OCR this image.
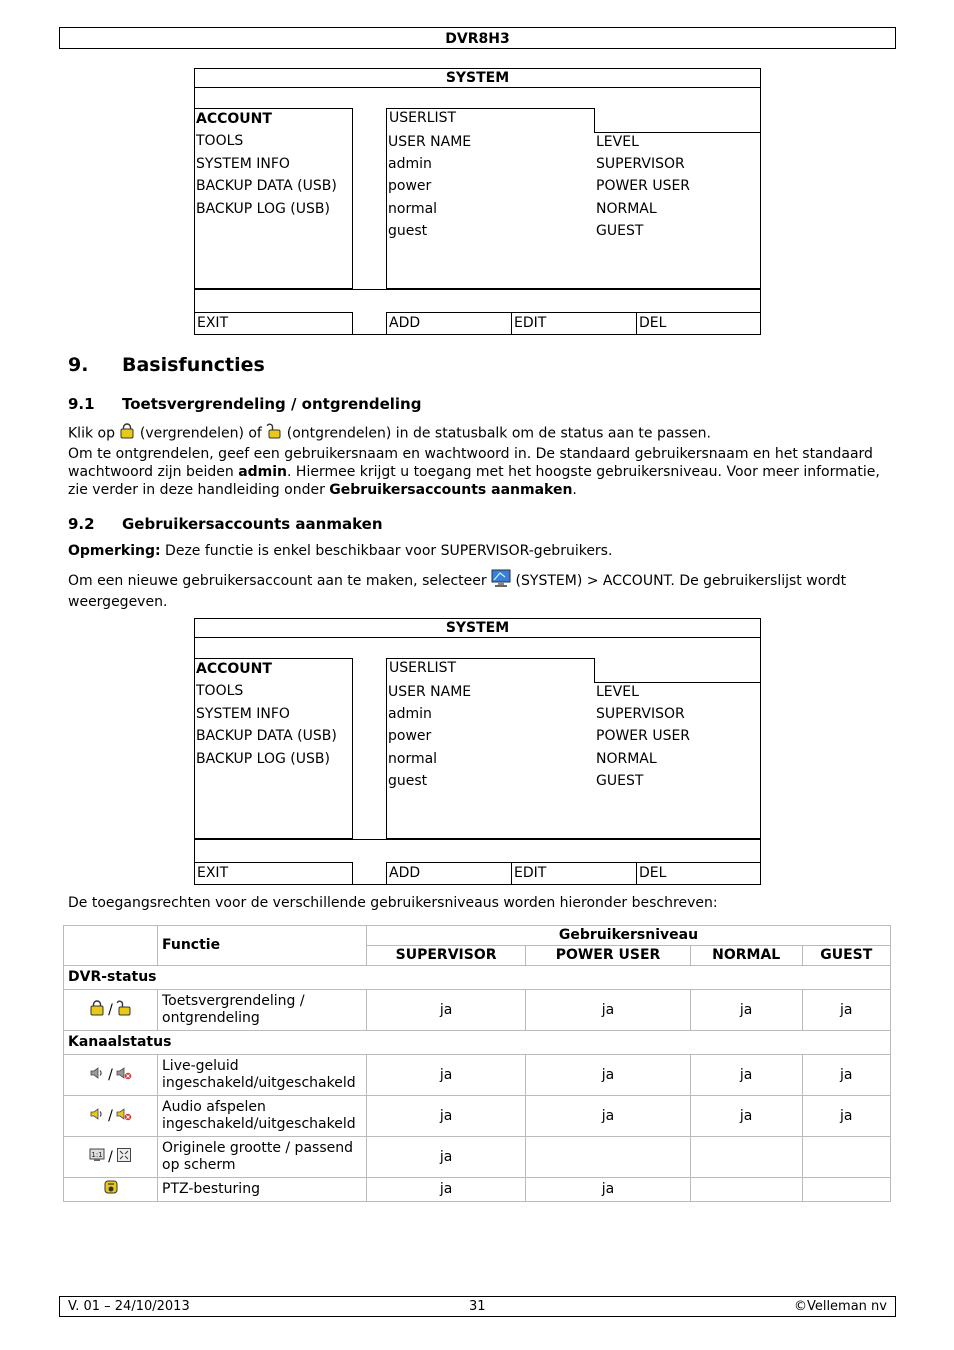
DVR8H3
SYSTEM
USERLIST
EXIT	ADD	EDIT	DEL
ACCOUNT
TOOLS
SYSTEM INFO
BACKUP DATA (USB)
BACKUP LOG (USB)
USER NAME	LEVEL
admin	SUPERVISOR
power	POWER USER
normal	NORMAL
guest	GUEST
SYSTEM
USERLIST
EXIT	ADD	EDIT	DEL
ACCOUNT
TOOLS
SYSTEM INFO
BACKUP DATA (USB)
BACKUP LOG (USB)
USER NAME	LEVEL
admin	SUPERVISOR
power	POWER USER
normal	NORMAL
guest	GUEST
9. Basisfuncties
9.1 Toetsvergrendeling / ontgrendeling
Klik op  (vergrendelen) of  (ontgrendelen) in de statusbalk om de status aan te passen.
Om te ontgrendelen, geef een gebruikersnaam en wachtwoord in. De standaard gebruikersnaam en het standaard wachtwoord zijn beiden admin. Hiermee krijgt u toegang met het hoogste gebruikersniveau. Voor meer informatie, zie verder in deze handleiding onder Gebruikersaccounts aanmaken.
9.2 Gebruikersaccounts aanmaken
Opmerking: Deze functie is enkel beschikbaar voor SUPERVISOR-gebruikers.
Om een nieuwe gebruikersaccount aan te maken, selecteer  (SYSTEM) > ACCOUNT. De gebruikerslijst wordt weergegeven.
De toegangsrechten voor de verschillende gebruikersniveaus worden hieronder beschreven:
	Functie	Gebruikersniveau			
		SUPERVISOR	POWER USER	NORMAL	GUEST
DVR-status					
/	Toetsvergrendeling / ontgrendeling	ja	ja	ja	ja
Kanaalstatus					
/	Live-geluid ingeschakeld/uitgeschakeld	ja	ja	ja	ja
/	Audio afspelen ingeschakeld/uitgeschakeld	ja	ja	ja	ja

1:1 /	Originele grootte / passend op scherm	ja			
	PTZ-besturing	ja	ja		
V. 01 – 24/10/2013	31	©Velleman nv
